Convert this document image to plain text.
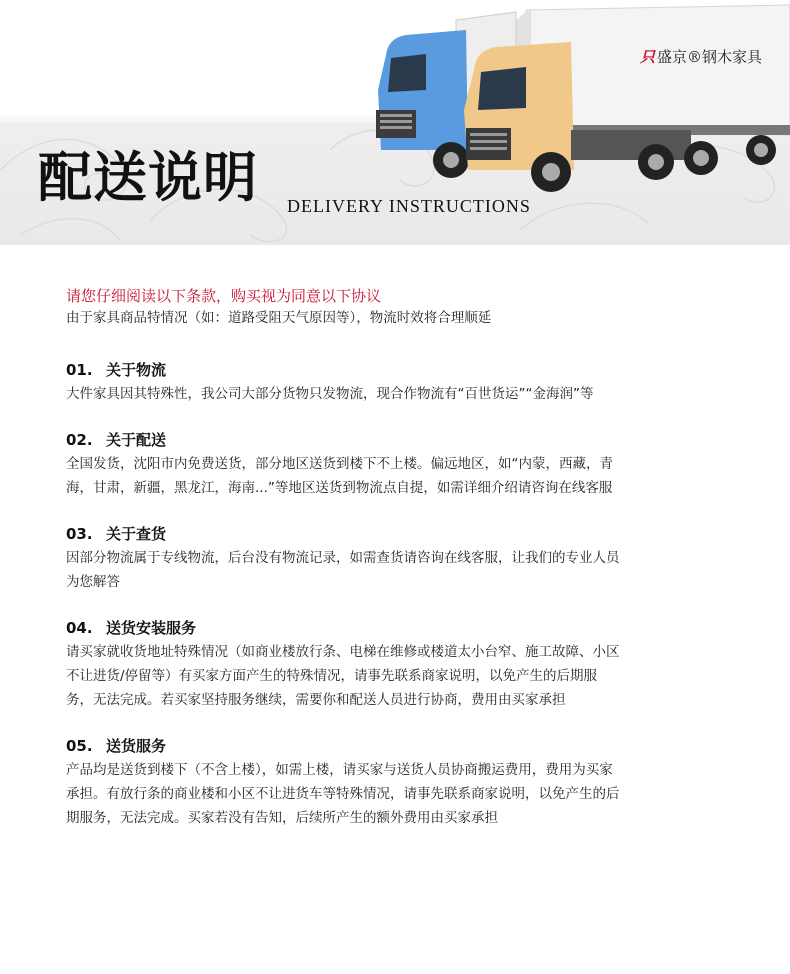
只 盛京®钢木家具
配送说明 DELIVERY INSTRUCTIONS

请您仔细阅读以下条款，购买视为同意以下协议

由于家具商品特情况（如：道路受阻天气原因等），物流时效将合理顺延

01. 关于物流

大件家具因其特殊性，我公司大部分货物只发物流，现合作物流有“百世货运”“金海润”等

02. 关于配送

全国发货，沈阳市内免费送货，部分地区送货到楼下不上楼。偏远地区，如“内蒙，西藏，青

海，甘肃，新疆，黑龙江，海南...”等地区送货到物流点自提，如需详细介绍请咨询在线客服

03. 关于查货

因部分物流属于专线物流，后台没有物流记录，如需查货请咨询在线客服，让我们的专业人员

为您解答

04. 送货安装服务

请买家就收货地址特殊情况（如商业楼放行条、电梯在维修或楼道太小台窄、施工故障、小区

不让进货/停留等）有买家方面产生的特殊情况，请事先联系商家说明，以免产生的后期服

务，无法完成。若买家坚持服务继续，需要你和配送人员进行协商，费用由买家承担

05. 送货服务

产品均是送货到楼下（不含上楼），如需上楼，请买家与送货人员协商搬运费用，费用为买家

承担。有放行条的商业楼和小区不让进货车等特殊情况，请事先联系商家说明，以免产生的后

期服务，无法完成。买家若没有告知，后续所产生的额外费用由买家承担
